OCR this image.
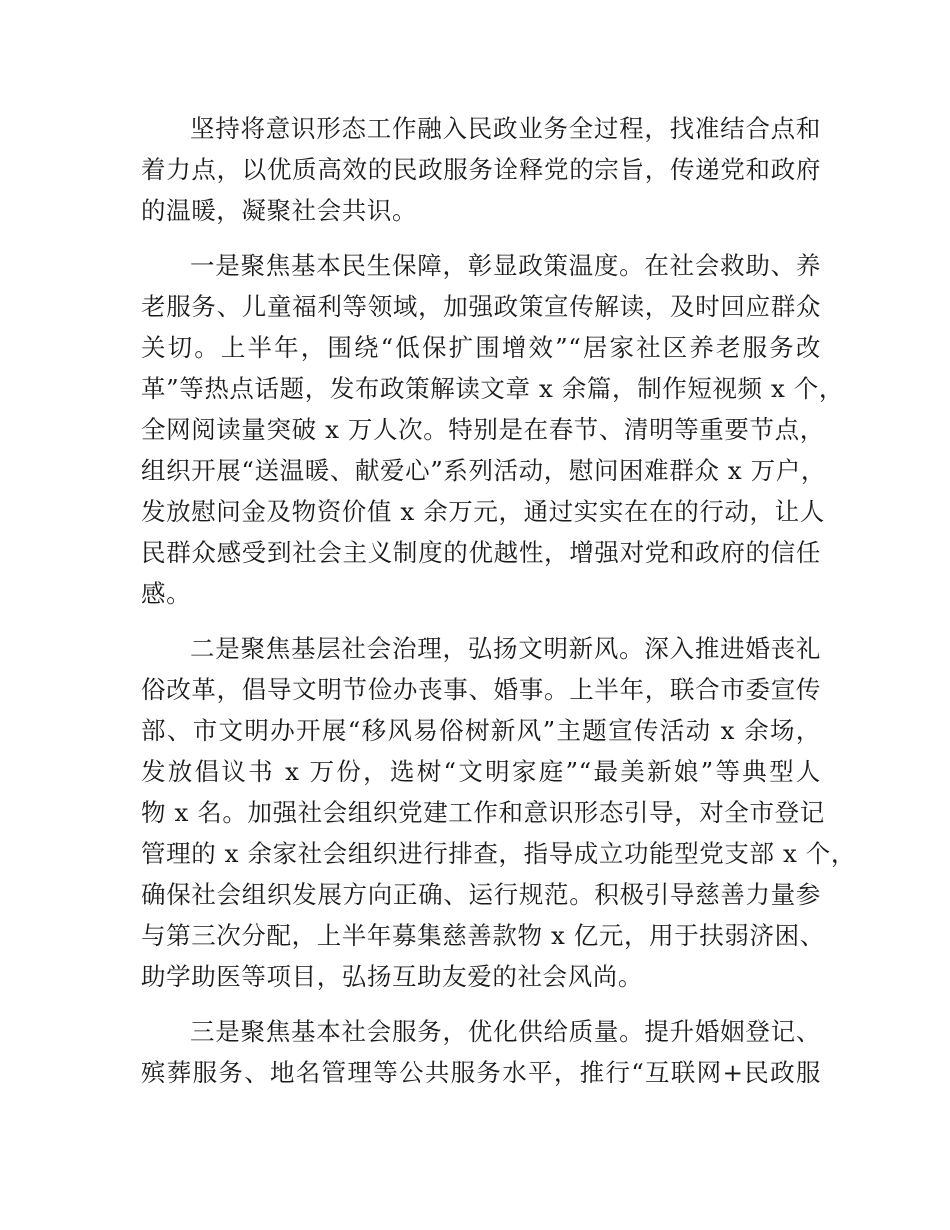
坚持将意识形态工作融入民政业务全过程，找准结合点和
着力点，以优质高效的民政服务诠释党的宗旨，传递党和政府
的温暖，凝聚社会共识。
一是聚焦基本民生保障，彰显政策温度。在社会救助、养
老服务、儿童福利等领域，加强政策宣传解读，及时回应群众
关切。上半年，围绕“低保扩围增效”“居家社区养老服务改
革”等热点话题，发布政策解读文章 x 余篇，制作短视频 x 个，
全网阅读量突破 x 万人次。特别是在春节、清明等重要节点，
组织开展“送温暖、献爱心”系列活动，慰问困难群众 x 万户，
发放慰问金及物资价值 x 余万元，通过实实在在的行动，让人
民群众感受到社会主义制度的优越性，增强对党和政府的信任
感。
二是聚焦基层社会治理，弘扬文明新风。深入推进婚丧礼
俗改革，倡导文明节俭办丧事、婚事。上半年，联合市委宣传
部、市文明办开展“移风易俗树新风”主题宣传活动 x 余场，
发放倡议书 x 万份，选树“文明家庭”“最美新娘”等典型人
物 x 名。加强社会组织党建工作和意识形态引导，对全市登记
管理的 x 余家社会组织进行排查，指导成立功能型党支部 x 个，
确保社会组织发展方向正确、运行规范。积极引导慈善力量参
与第三次分配，上半年募集慈善款物 x 亿元，用于扶弱济困、
助学助医等项目，弘扬互助友爱的社会风尚。
三是聚焦基本社会服务，优化供给质量。提升婚姻登记、
殡葬服务、地名管理等公共服务水平，推行“互联网+民政服
